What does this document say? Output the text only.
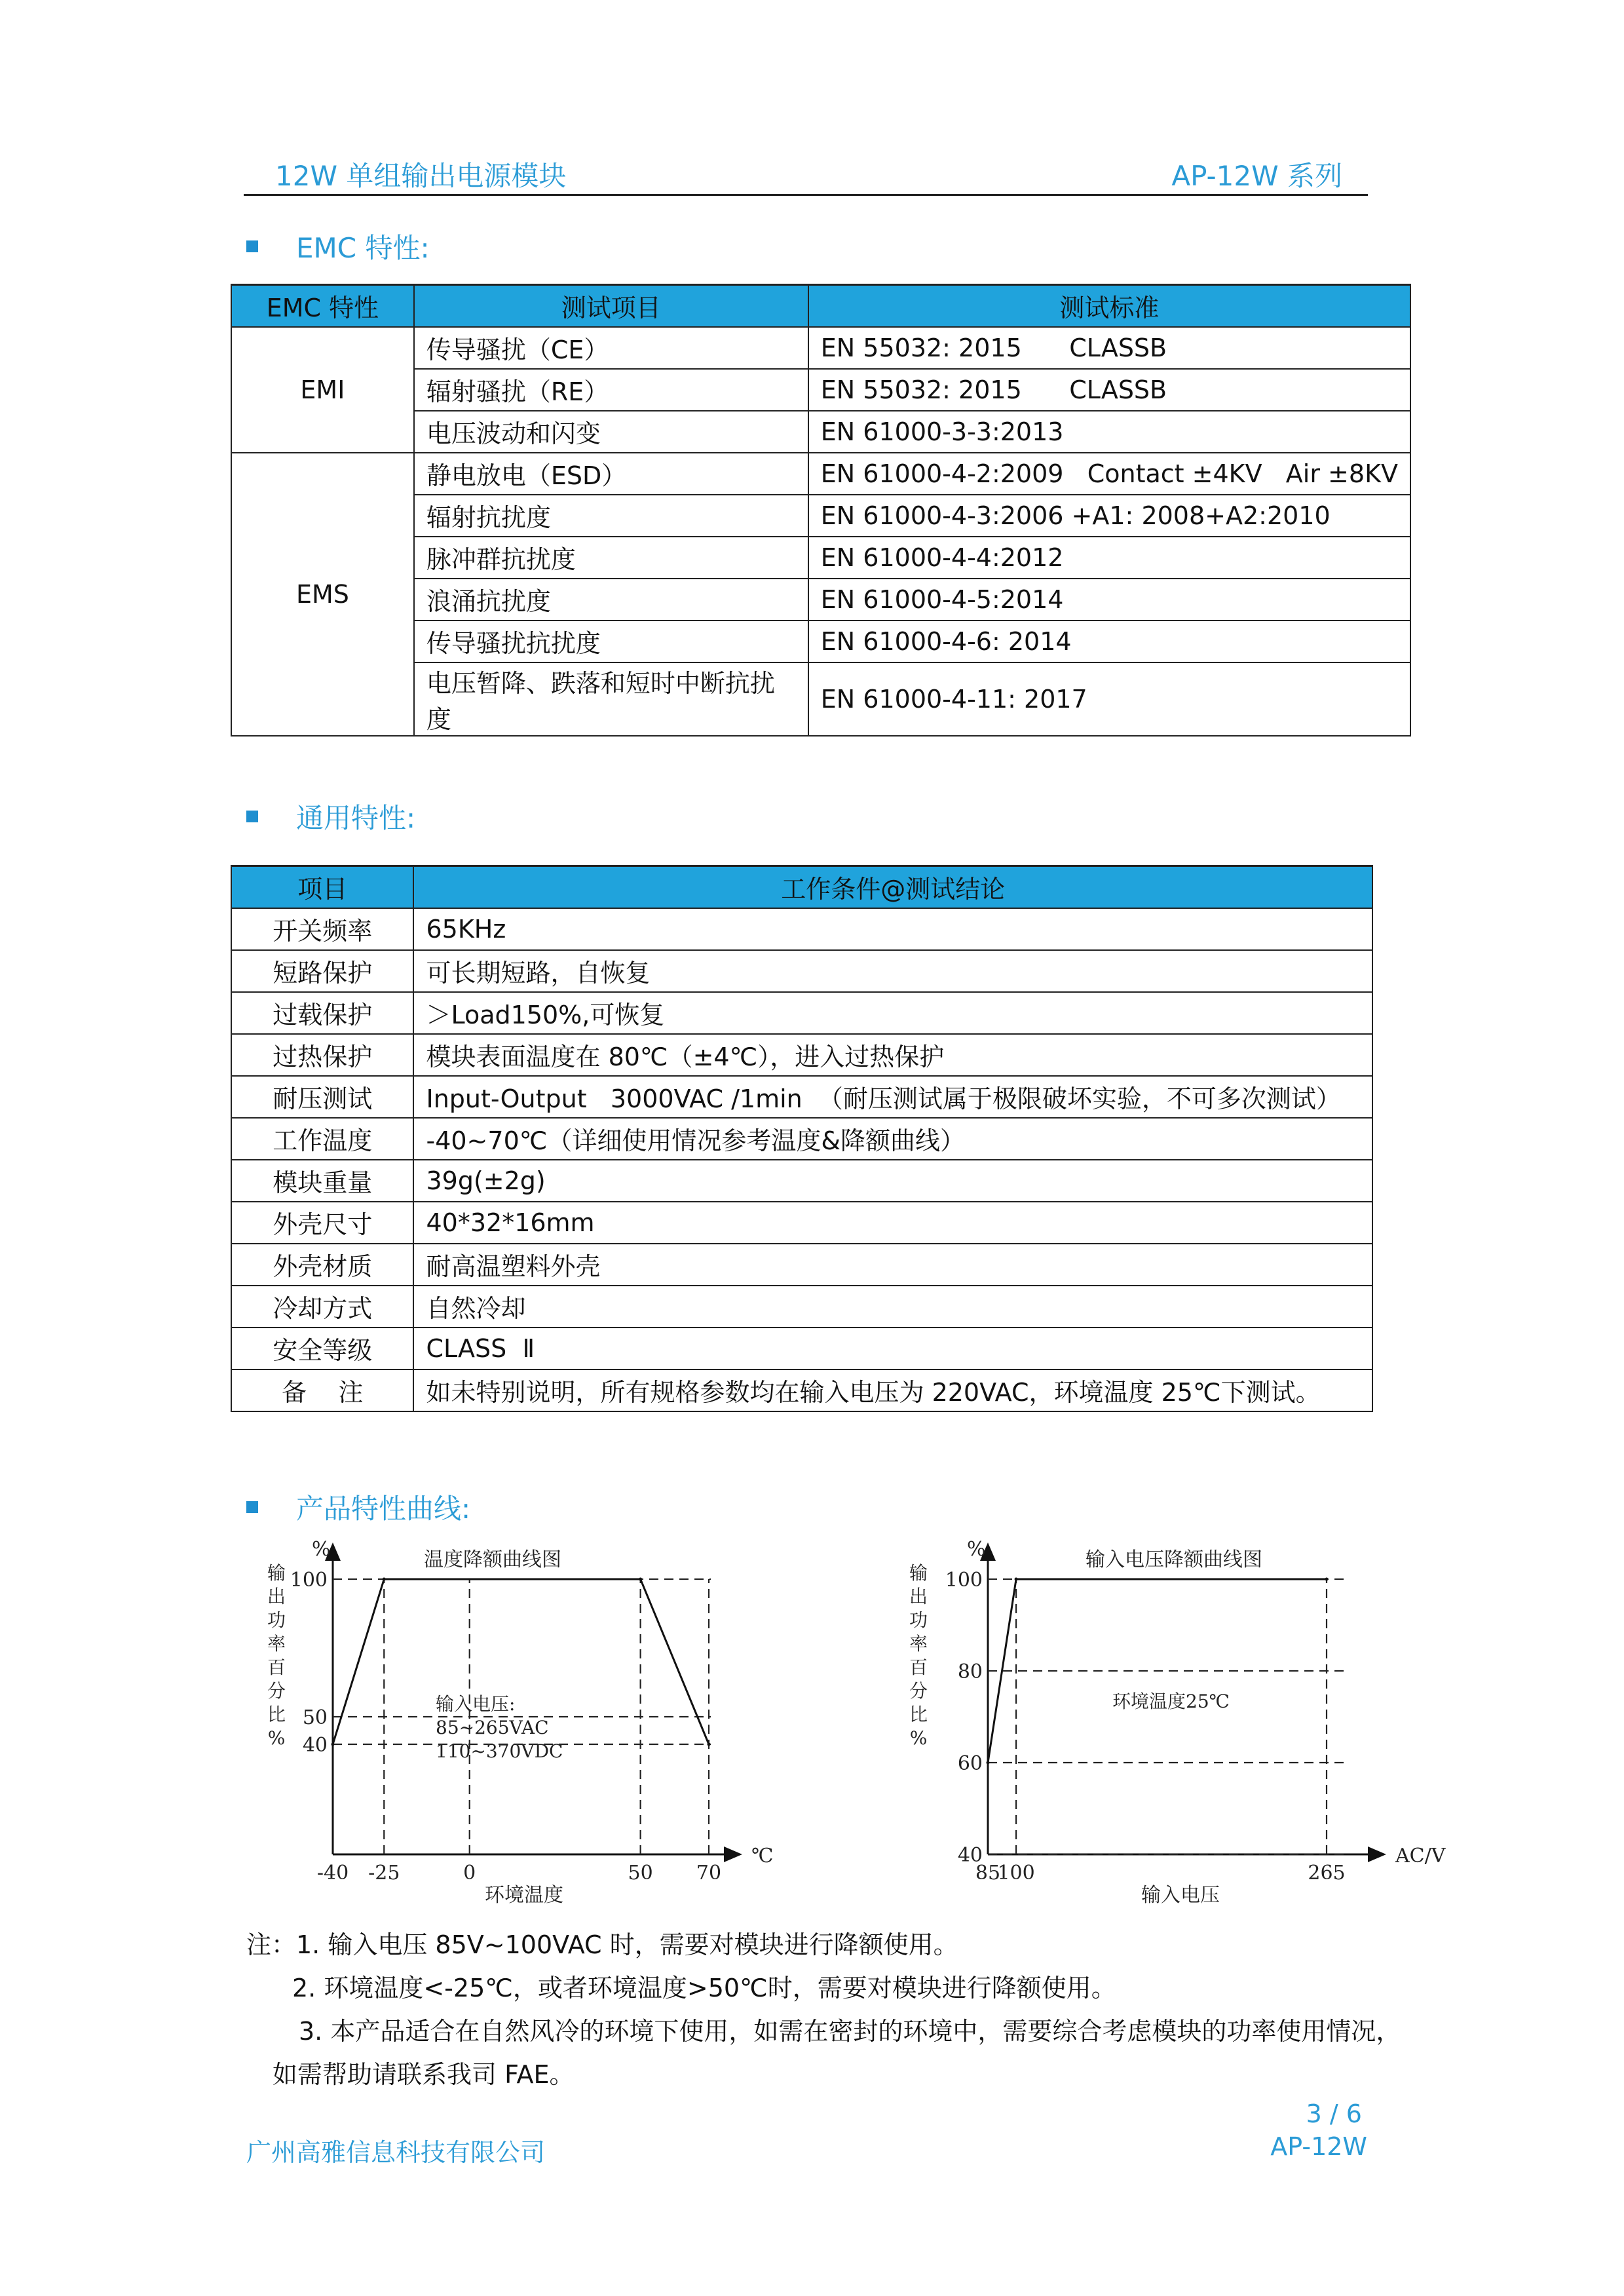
12W 单组输出电源模块	AP-12W 系列
EMC 特性:
EMC 特性	测试项目	测试标准
EMI	传导骚扰（CE）	EN 55032: 2015      CLASSB
	辐射骚扰（RE）	EN 55032: 2015      CLASSB
	电压波动和闪变	EN 61000-3-3:2013
EMS	静电放电（ESD）	EN 61000-4-2:2009   Contact ±4KV   Air ±8KV
	辐射抗扰度	EN 61000-4-3:2006 +A1: 2008+A2:2010
	脉冲群抗扰度	EN 61000-4-4:2012
	浪涌抗扰度	EN 61000-4-5:2014
	传导骚扰抗扰度	EN 61000-4-6: 2014
	电压暂降、跌落和短时中断抗扰度	EN 61000-4-11: 2017
通用特性:
项目	工作条件@测试结论
开关频率	65KHz
短路保护	可长期短路，自恢复
过载保护	＞Load150%,可恢复
过热保护	模块表面温度在 80℃（±4℃），进入过热保护
耐压测试	Input-Output   3000VAC /1min  （耐压测试属于极限破坏实验，不可多次测试）
工作温度	-40~70℃（详细使用情况参考温度&降额曲线）
模块重量	39g(±2g)
外壳尺寸	40*32*16mm
外壳材质	耐高温塑料外壳
冷却方式	自然冷却
安全等级	CLASS  Ⅱ
备    注	如未特别说明，所有规格参数均在输入电压为 220VAC，环境温度 25℃下测试。
产品特性曲线:
40
50
100
-40 -25	0	50 70
温度降额曲线图
环境温度
℃
%
输
出
功
率
百
分
比
%
输入电压:
85~265VAC
110~370VDC
40
60
80
100
85
100	265
输入电压降额曲线图
输入电压
AC/V
%
输
出
功
率
百
分
比
%
环境温度25℃
注：1. 输入电压 85V~100VAC 时，需要对模块进行降额使用。
2. 环境温度<-25℃，或者环境温度>50℃时，需要对模块进行降额使用。
3. 本产品适合在自然风冷的环境下使用，如需在密封的环境中，需要综合考虑模块的功率使用情况，
如需帮助请联系我司 FAE。
广州高雅信息科技有限公司
3 / 6
AP-12W
